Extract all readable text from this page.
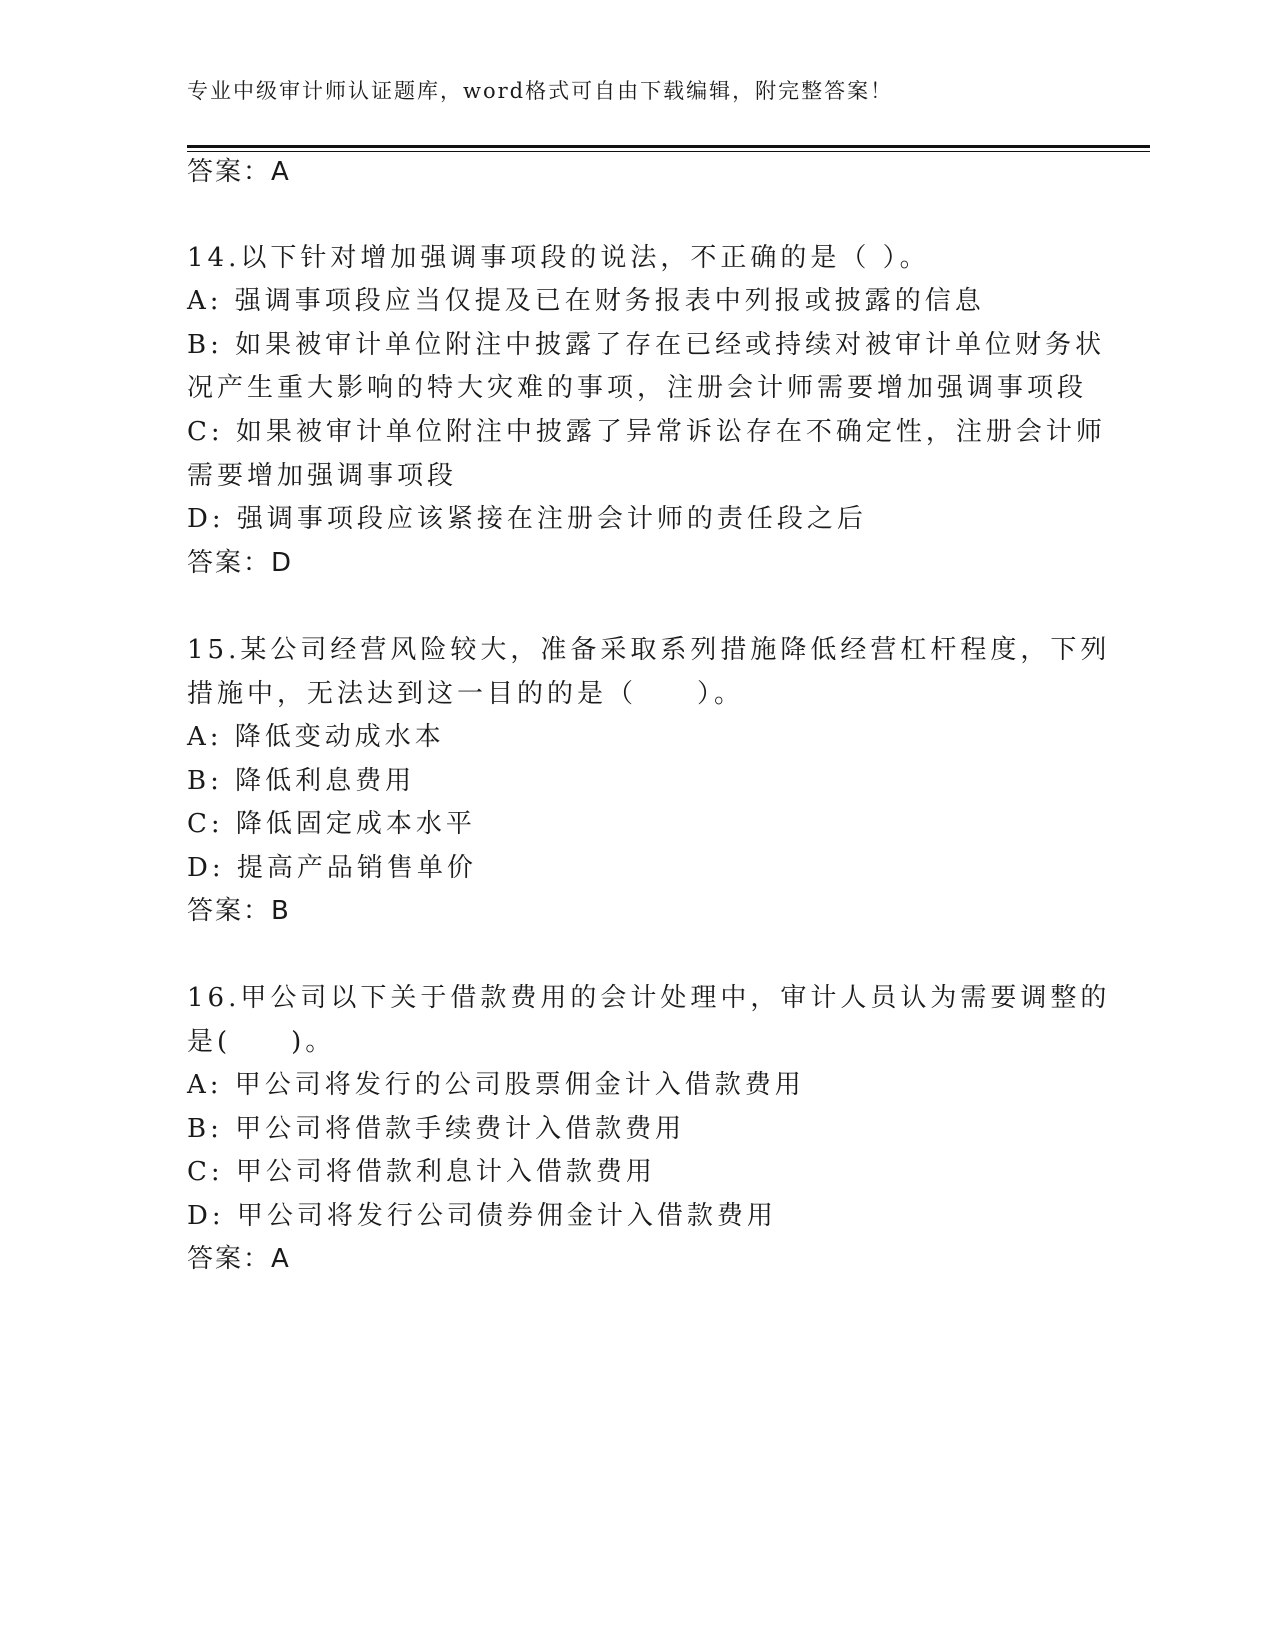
专业中级审计师认证题库，word格式可自由下载编辑，附完整答案！
答案：A
14.以下针对增加强调事项段的说法，不正确的是（ ）。
A: 强调事项段应当仅提及已在财务报表中列报或披露的信息
B: 如果被审计单位附注中披露了存在已经或持续对被审计单位财务状
况产生重大影响的特大灾难的事项，注册会计师需要增加强调事项段
C: 如果被审计单位附注中披露了异常诉讼存在不确定性，注册会计师
需要增加强调事项段
D: 强调事项段应该紧接在注册会计师的责任段之后
答案：D
15.某公司经营风险较大，准备采取系列措施降低经营杠杆程度，下列
措施中，无法达到这一目的的是（　　）。
A: 降低变动成水本
B: 降低利息费用
C: 降低固定成本水平
D: 提高产品销售单价
答案：B
16.甲公司以下关于借款费用的会计处理中，审计人员认为需要调整的
是(　　)。
A: 甲公司将发行的公司股票佣金计入借款费用
B: 甲公司将借款手续费计入借款费用
C: 甲公司将借款利息计入借款费用
D: 甲公司将发行公司债券佣金计入借款费用
答案：A
